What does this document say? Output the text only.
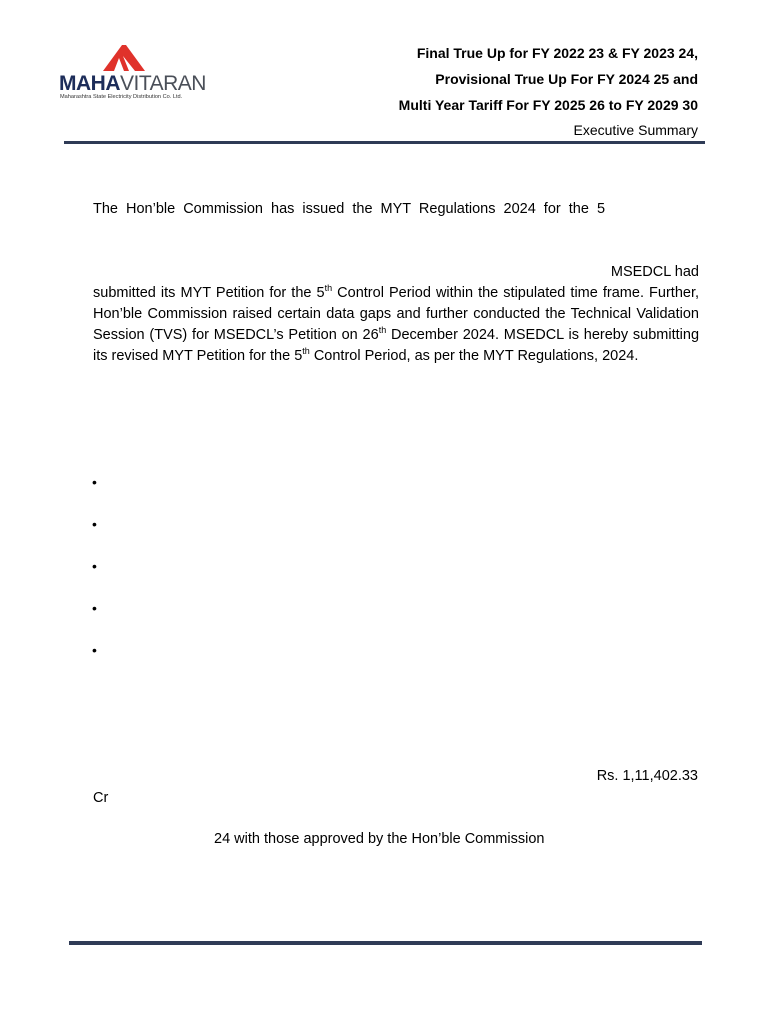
MAHAVITARAN
Maharashtra State Electricity Distribution Co. Ltd.
Final True Up for FY 2022 23 & FY 2023 24,
Provisional True Up For FY 2024 25 and
Multi Year Tariff For FY 2025 26 to FY 2029 30
Executive Summary
The Hon’ble Commission has issued the MYT Regulations 2024 for the 5
MSEDCL had
submitted its MYT Petition for the 5th Control Period within the stipulated time frame. Further, Hon’ble Commission raised certain data gaps and further conducted the Technical Validation Session (TVS) for MSEDCL’s Petition on 26th December 2024. MSEDCL is hereby submitting its revised MYT Petition for the 5th Control Period, as per the MYT Regulations, 2024.
•
•
•
•
•
Rs. 1,11,402.33
Cr
24 with those approved by the Hon’ble Commission
